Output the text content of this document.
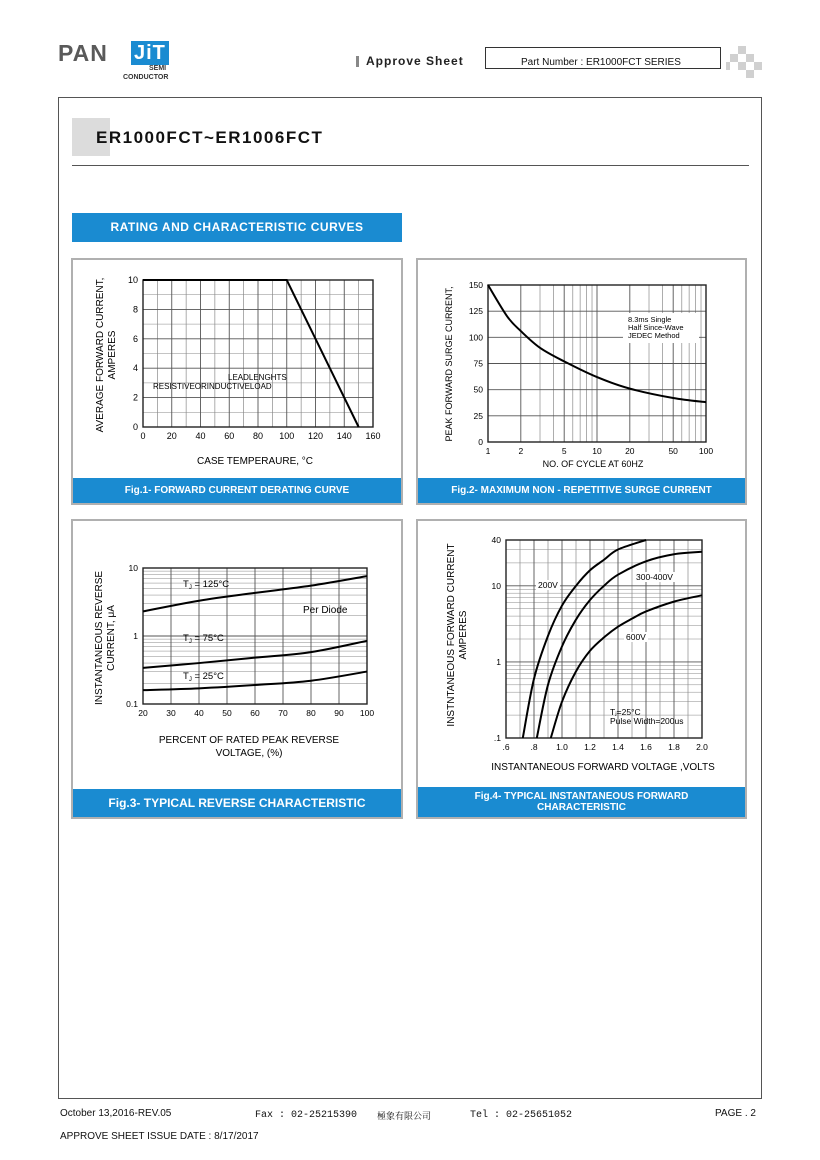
PAN JiT
SEMI
CONDUCTOR
Approve Sheet	Part Number : ER1000FCT SERIES
ER1000FCT~ER1006FCT
RATING AND CHARACTERISTIC CURVES
0 20 40 60 80 100 120 140 160
0
2
4
6
8
10
LEADLENGHTS
RESISTIVEORINDUCTIVELOAD
CASE TEMPERAURE, °C
AVERAGE FORWARD CURRENT, AMPERES
Fig.1- FORWARD CURRENT DERATING CURVE
1	2	5	10	20	50 100
0
25
50
75
100
125
150
8.3ms Single
Half Since-Wave
JEDEC Method
NO. OF CYCLE AT 60HZ
PEAK FORWARD SURGE CURRENT,
Fig.2- MAXIMUM NON - REPETITIVE SURGE CURRENT
20 30 40 50 60 70 80 90 100
0.1
1
10
$T_J = 125^\circ C$
$T_J = 75^\circ C$
$T_J = 25^\circ C$
Per Diode
PERCENT OF RATED PEAK REVERSE
VOLTAGE, (%)
INSTANTANEOUS REVERSE CURRENT, μA
Fig.3- TYPICAL REVERSE CHARACTERISTIC
.6 .8 1.0 1.2 1.4 1.6 1.8 2.0
.1
1
10
40
200V
300-400V
600V
Tⱼ=25°C
Pulse Width=200us
INSTANTANEOUS FORWARD VOLTAGE ,VOLTS
INSTNTANEOUS FORWARD CURRENT AMPERES
Fig.4- TYPICAL INSTANTANEOUS FORWARD
CHARACTERISTIC
October 13,2016-REV.05	Fax : 02-25215390 極象有限公司	Tel : 02-25651052	PAGE . 2
APPROVE SHEET ISSUE DATE : 8/17/2017
